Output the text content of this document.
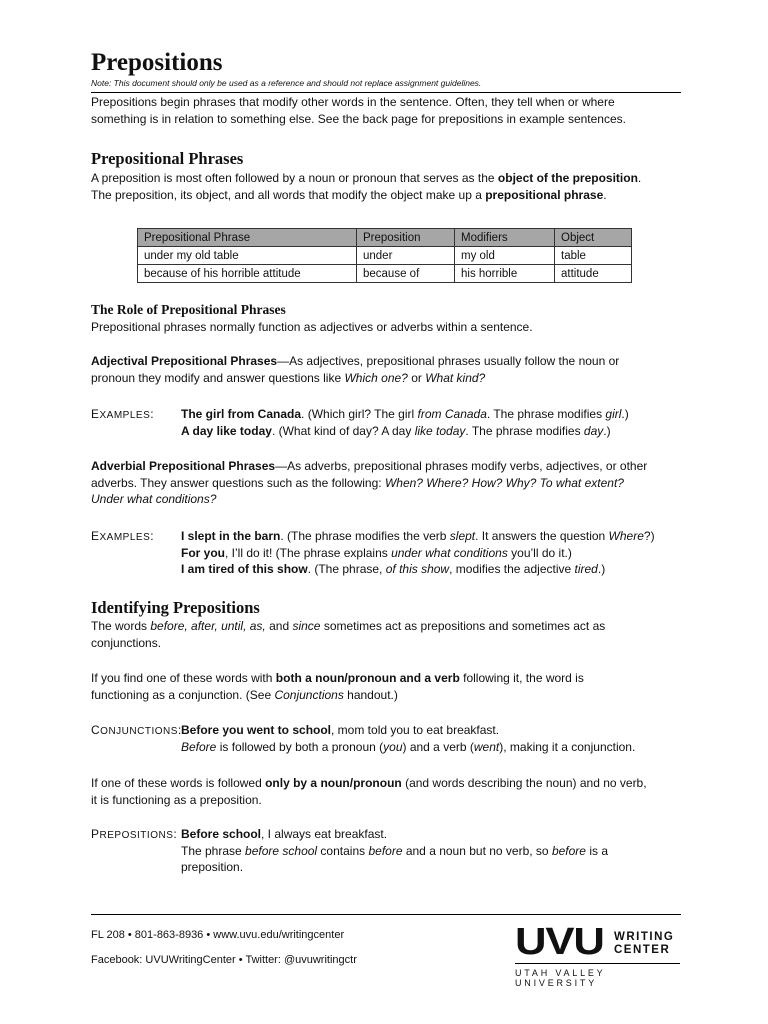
Prepositions
Note: This document should only be used as a reference and should not replace assignment guidelines.

Prepositions begin phrases that modify other words in the sentence. Often, they tell when or where
something is in relation to something else. See the back page for prepositions in example sentences.

Prepositional Phrases

A preposition is most often followed by a noun or pronoun that serves as the object of the preposition.
The preposition, its object, and all words that modify the object make up a prepositional phrase.

Prepositional Phrase	Preposition	Modifiers	Object
under my old table	under	my old	table
because of his horrible attitude	because of	his horrible	attitude
The Role of Prepositional Phrases

Prepositional phrases normally function as adjectives or adverbs within a sentence.

Adjectival Prepositional Phrases—As adjectives, prepositional phrases usually follow the noun or
pronoun they modify and answer questions like Which one? or What kind?

EXAMPLES: The girl from Canada. (Which girl? The girl from Canada. The phrase modifies girl.)
A day like today. (What kind of day? A day like today. The phrase modifies day.)

Adverbial Prepositional Phrases—As adverbs, prepositional phrases modify verbs, adjectives, or other
adverbs. They answer questions such as the following: When? Where? How? Why? To what extent?
Under what conditions?

EXAMPLES: I slept in the barn. (The phrase modifies the verb slept. It answers the question Where?)
For you, I’ll do it! (The phrase explains under what conditions you’ll do it.)
I am tired of this show. (The phrase, of this show, modifies the adjective tired.)

Identifying Prepositions

The words before, after, until, as, and since sometimes act as prepositions and sometimes act as
conjunctions.

If you find one of these words with both a noun/pronoun and a verb following it, the word is
functioning as a conjunction. (See Conjunctions handout.)

CONJUNCTIONS: Before you went to school, mom told you to eat breakfast.
Before is followed by both a pronoun (you) and a verb (went), making it a conjunction.

If one of these words is followed only by a noun/pronoun (and words describing the noun) and no verb,
it is functioning as a preposition.

PREPOSITIONS: Before school, I always eat breakfast.
The phrase before school contains before and a noun but no verb, so before is a
preposition.

FL 208 • 801-863-8936 • www.uvu.edu/writingcenter
Facebook: UVUWritingCenter • Twitter: @uvuwritingctr	UVU WRITING
CENTER
UTAH VALLEY UNIVERSITY
